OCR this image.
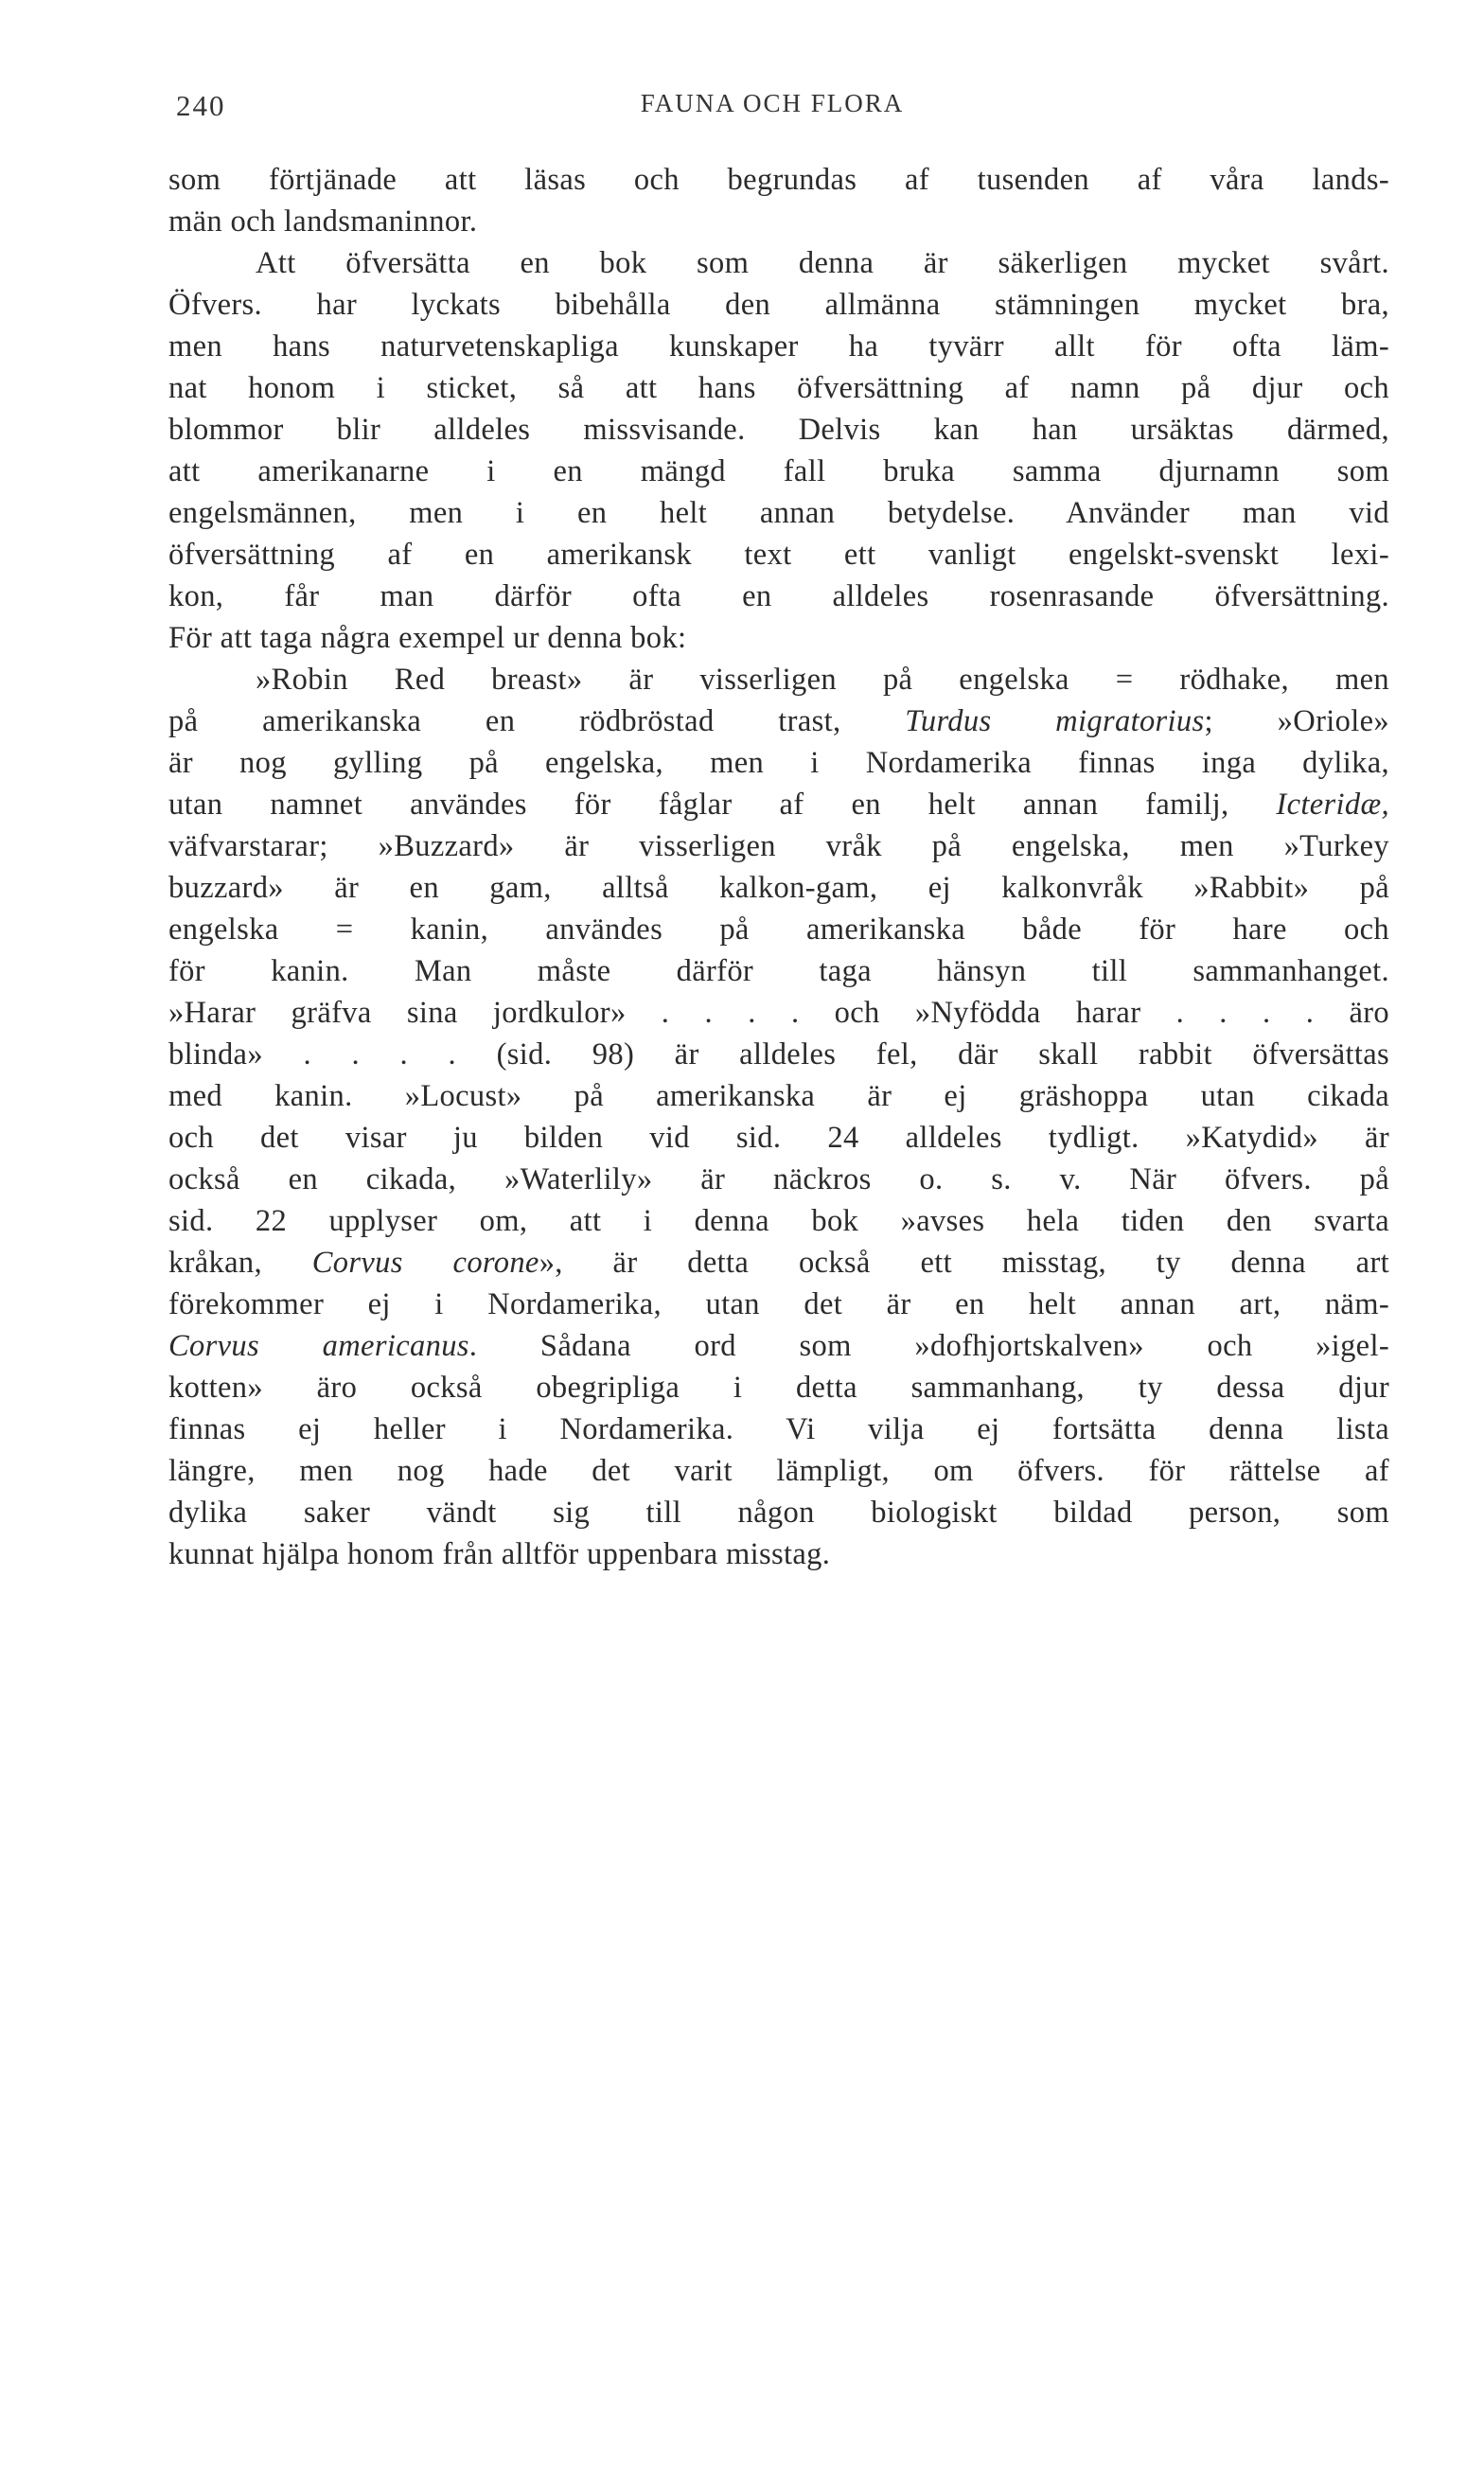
240	FAUNA OCH FLORA
som förtjänade att läsas och begrundas af tusenden af våra lands-
män och landsmaninnor.
Att öfversätta en bok som denna är säkerligen mycket svårt.
Öfvers. har lyckats bibehålla den allmänna stämningen mycket bra,
men hans naturvetenskapliga kunskaper ha tyvärr allt för ofta läm-
nat honom i sticket, så att hans öfversättning af namn på djur och
blommor blir alldeles missvisande. Delvis kan han ursäktas därmed,
att amerikanarne i en mängd fall bruka samma djurnamn som
engelsmännen, men i en helt annan betydelse. Använder man vid
öfversättning af en amerikansk text ett vanligt engelskt-svenskt lexi-
kon, får man därför ofta en alldeles rosenrasande öfversättning.
För att taga några exempel ur denna bok:
»Robin Red breast» är visserligen på engelska = rödhake, men
på amerikanska en rödbröstad trast, Turdus migratorius; »Oriole»
är nog gylling på engelska, men i Nordamerika finnas inga dylika,
utan namnet användes för fåglar af en helt annan familj, Icteridæ,
väfvarstarar; »Buzzard» är visserligen vråk på engelska, men »Turkey
buzzard» är en gam, alltså kalkon-gam, ej kalkonvråk »Rabbit» på
engelska = kanin, användes på amerikanska både för hare och
för kanin. Man måste därför taga hänsyn till sammanhanget.
»Harar gräfva sina jordkulor» . . . . och »Nyfödda harar . . . . äro
blinda» . . . . (sid. 98) är alldeles fel, där skall rabbit öfversättas
med kanin. »Locust» på amerikanska är ej gräshoppa utan cikada
och det visar ju bilden vid sid. 24 alldeles tydligt. »Katydid» är
också en cikada, »Waterlily» är näckros o. s. v. När öfvers. på
sid. 22 upplyser om, att i denna bok »avses hela tiden den svarta
kråkan, Corvus corone», är detta också ett misstag, ty denna art
förekommer ej i Nordamerika, utan det är en helt annan art, näm-
Corvus americanus. Sådana ord som »dofhjortskalven» och »igel-
kotten» äro också obegripliga i detta sammanhang, ty dessa djur
finnas ej heller i Nordamerika. Vi vilja ej fortsätta denna lista
längre, men nog hade det varit lämpligt, om öfvers. för rättelse af
dylika saker vändt sig till någon biologiskt bildad person, som
kunnat hjälpa honom från alltför uppenbara misstag.
